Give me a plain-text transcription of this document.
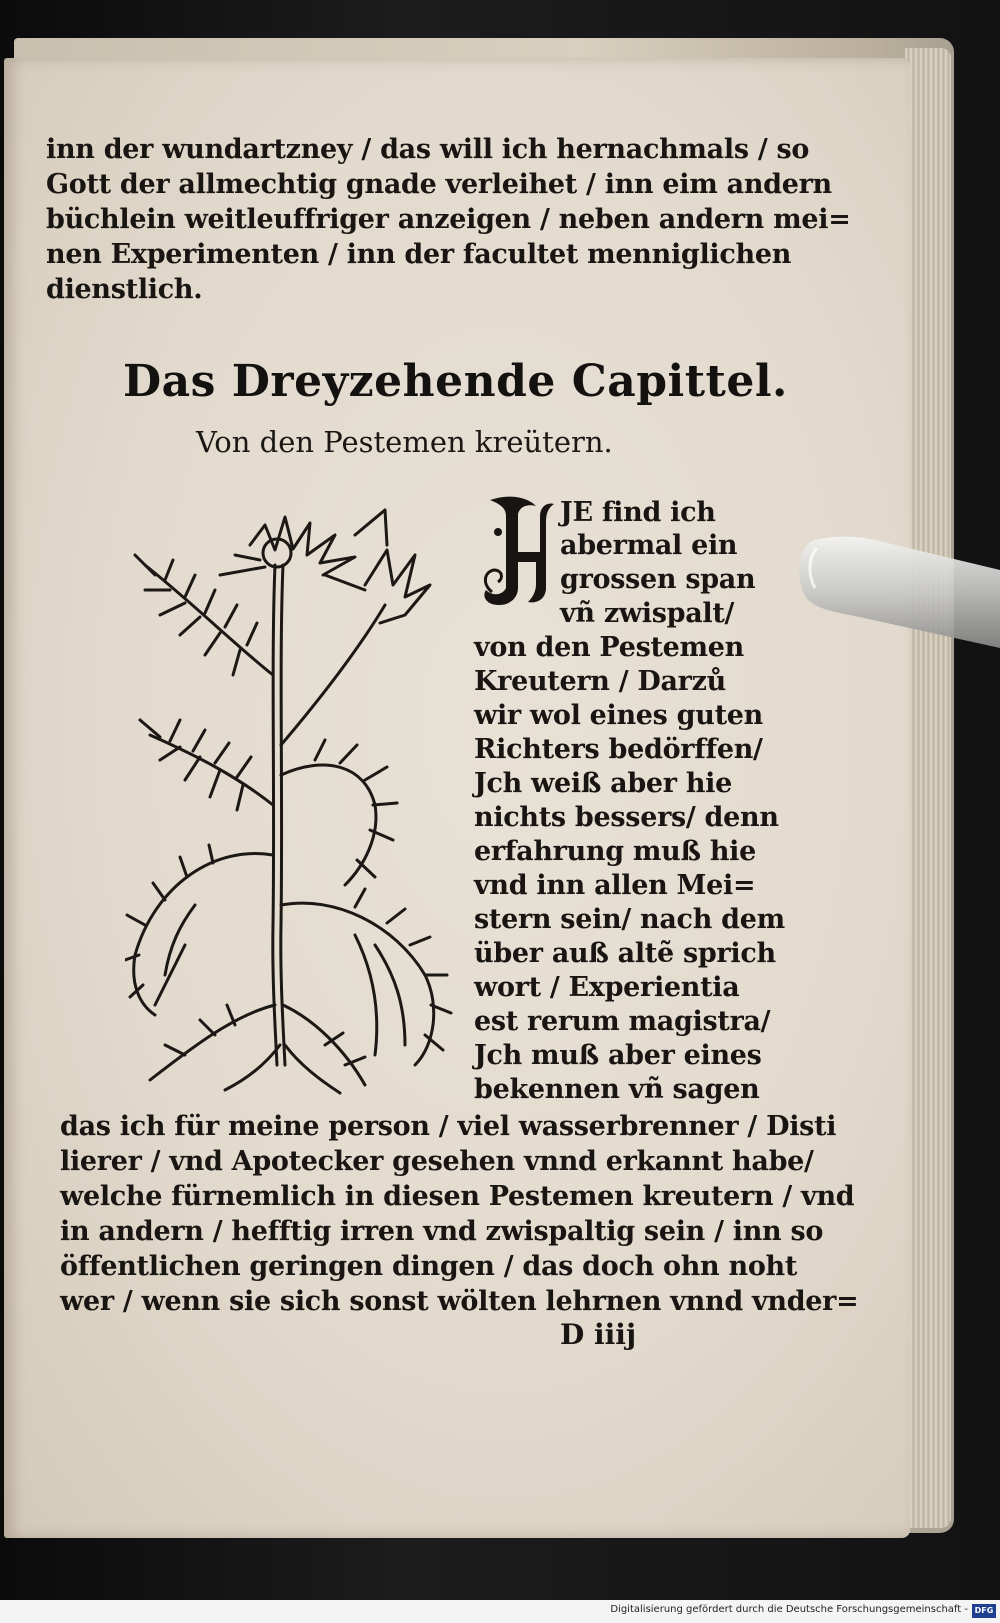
inn der wundartzney / das will ich hernachmals / so
Gott der allmechtig gnade verleihet / inn eim andern
büchlein weitleuffriger anzeigen / neben andern mei=
nen Experimenten / inn der facultet menniglichen
dienstlich.
Das Dreyzehende Capittel.
Von den Pestemen kreütern.
JE find ich
abermal ein
grossen span
vñ zwispalt/
von den Pestemen
Kreutern / Darzů
wir wol eines guten
Richters bedörffen/
Jch weiß aber hie
nichts bessers/ denn
erfahrung muß hie
vnd inn allen Mei=
stern sein/ nach dem
über auß altẽ sprich
wort / Experientia
est rerum magistra/
Jch muß aber eines
bekennen vñ sagen
das ich für meine person / viel wasserbrenner / Disti
lierer / vnd Apotecker gesehen vnnd erkannt habe/
welche fürnemlich in diesen Pestemen kreutern / vnd
in andern / hefftig irren vnd zwispaltig sein / inn so
öffentlichen geringen dingen / das doch ohn noht
wer / wenn sie sich sonst wölten lehrnen vnnd vnder=
D iiij
Digitalisierung gefördert durch die Deutsche Forschungsgemeinschaft - DFG
